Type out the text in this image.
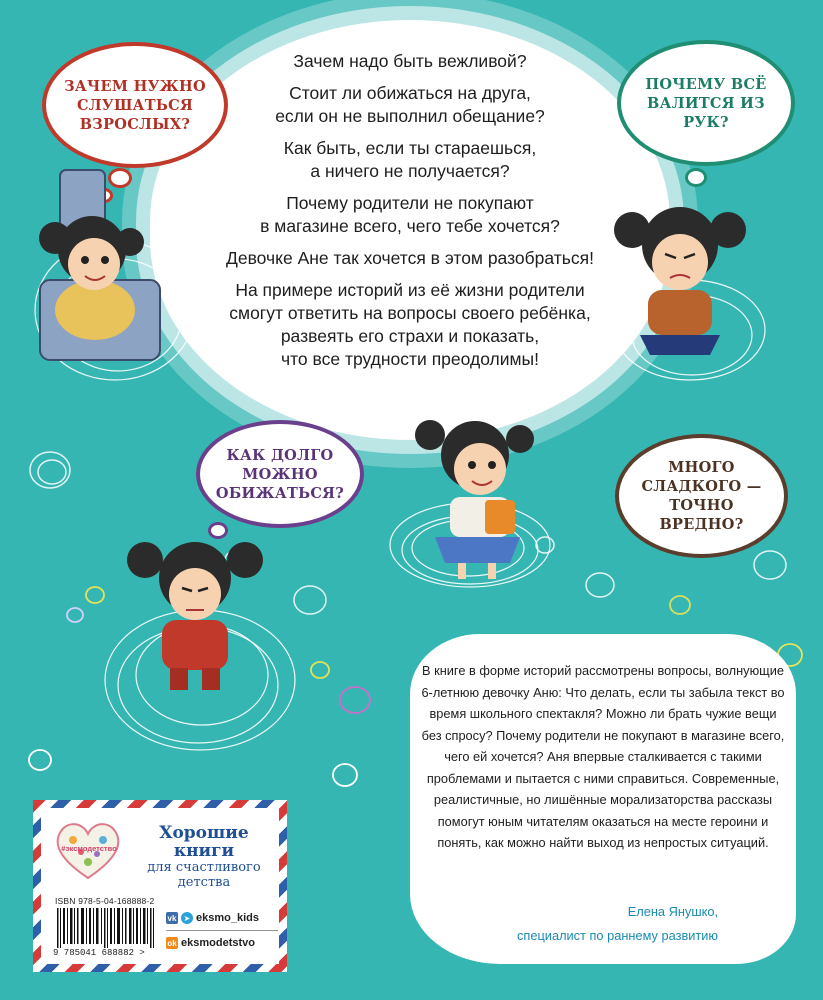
Зачем надо быть вежливой?

Стоит ли обижаться на друга,
если он не выполнил обещание?

Как быть, если ты стараешься,
а ничего не получается?

Почему родители не покупают
в магазине всего, чего тебе хочется?

Девочке Ане так хочется в этом разобраться!

На примере историй из её жизни родители
смогут ответить на вопросы своего ребёнка,
развеять его страхи и показать,
что все трудности преодолимы!

ЗАЧЕМ НУЖНО
СЛУШАТЬСЯ
ВЗРОСЛЫХ?
ПОЧЕМУ ВСЁ
ВАЛИТСЯ ИЗ
РУК?
КАК ДОЛГО
МОЖНО
ОБИЖАТЬСЯ?
МНОГО
СЛАДКОГО —
ТОЧНО
ВРЕДНО?

В книге в форме историй рассмотрены вопросы, волнующие 6-летнюю девочку Аню: Что делать, если ты забыла текст во время школьного спектакля? Можно ли брать чужие вещи без спросу? Почему родители не покупают в магазине всего, чего ей хочется? Аня впервые сталкивается с такими проблемами и пытается с ними справиться. Современные, реалистичные, но лишённые морализаторства рассказы помогут юным читателям оказаться на месте героини и понять, как можно найти выход из непростых ситуаций.

Елена Янушко,
специалист по раннему развитию
#эксмодетство
Хорошие
книги
для счастливого
детства
ISBN 978-5-04-168888-2
9 785041 688882 >
vk ➤ eksmo_kids
ok eksmodetstvo
